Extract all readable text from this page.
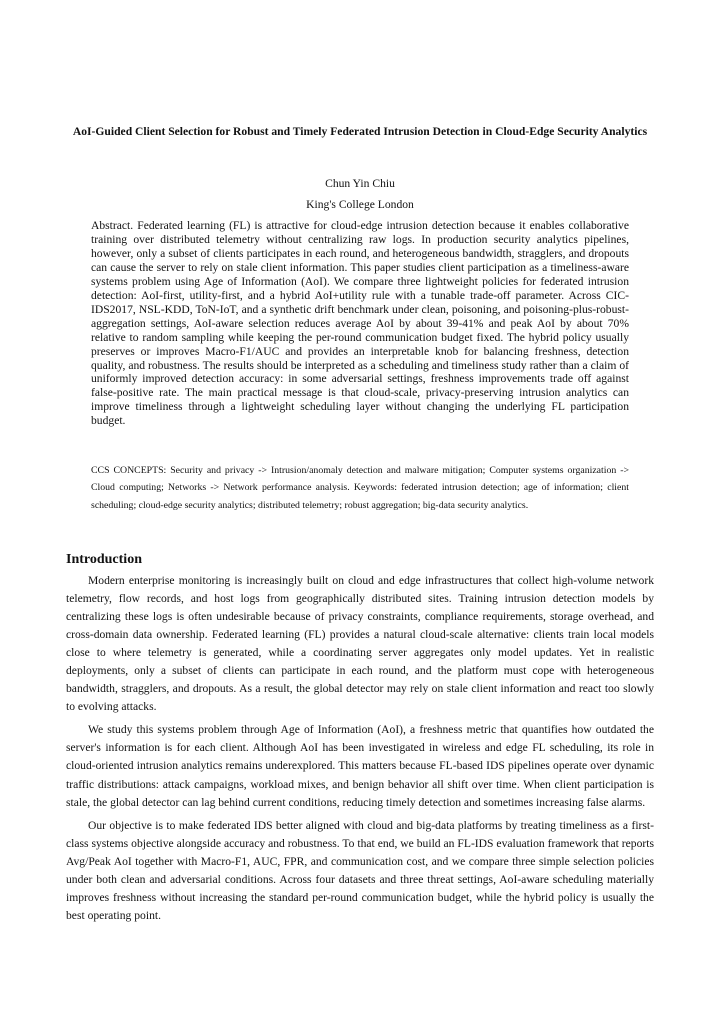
AoI-Guided Client Selection for Robust and Timely Federated Intrusion Detection in Cloud-Edge Security Analytics
Chun Yin Chiu
King's College London

Abstract. Federated learning (FL) is attractive for cloud-edge intrusion detection because it enables collaborative training over distributed telemetry without centralizing raw logs. In production security analytics pipelines, however, only a subset of clients participates in each round, and heterogeneous bandwidth, stragglers, and dropouts can cause the server to rely on stale client information. This paper studies client participation as a timeliness-aware systems problem using Age of Information (AoI). We compare three lightweight policies for federated intrusion detection: AoI-first, utility-first, and a hybrid AoI+utility rule with a tunable trade-off parameter. Across CIC-IDS2017, NSL-KDD, ToN-IoT, and a synthetic drift benchmark under clean, poisoning, and poisoning-plus-robust-aggregation settings, AoI-aware selection reduces average AoI by about 39-41% and peak AoI by about 70% relative to random sampling while keeping the per-round communication budget fixed. The hybrid policy usually preserves or improves Macro-F1/AUC and provides an interpretable knob for balancing freshness, detection quality, and robustness. The results should be interpreted as a scheduling and timeliness study rather than a claim of uniformly improved detection accuracy: in some adversarial settings, freshness improvements trade off against false-positive rate. The main practical message is that cloud-scale, privacy-preserving intrusion analytics can improve timeliness through a lightweight scheduling layer without changing the underlying FL participation budget.

CCS CONCEPTS: Security and privacy -> Intrusion/anomaly detection and malware mitigation; Computer systems organization -> Cloud computing; Networks -> Network performance analysis. Keywords: federated intrusion detection; age of information; client scheduling; cloud-edge security analytics; distributed telemetry; robust aggregation; big-data security analytics.

Introduction

Modern enterprise monitoring is increasingly built on cloud and edge infrastructures that collect high-volume network telemetry, flow records, and host logs from geographically distributed sites. Training intrusion detection models by centralizing these logs is often undesirable because of privacy constraints, compliance requirements, storage overhead, and cross-domain data ownership. Federated learning (FL) provides a natural cloud-scale alternative: clients train local models close to where telemetry is generated, while a coordinating server aggregates only model updates. Yet in realistic deployments, only a subset of clients can participate in each round, and the platform must cope with heterogeneous bandwidth, stragglers, and dropouts. As a result, the global detector may rely on stale client information and react too slowly to evolving attacks.

We study this systems problem through Age of Information (AoI), a freshness metric that quantifies how outdated the server's information is for each client. Although AoI has been investigated in wireless and edge FL scheduling, its role in cloud-oriented intrusion analytics remains underexplored. This matters because FL-based IDS pipelines operate over dynamic traffic distributions: attack campaigns, workload mixes, and benign behavior all shift over time. When client participation is stale, the global detector can lag behind current conditions, reducing timely detection and sometimes increasing false alarms.

Our objective is to make federated IDS better aligned with cloud and big-data platforms by treating timeliness as a first-class systems objective alongside accuracy and robustness. To that end, we build an FL-IDS evaluation framework that reports Avg/Peak AoI together with Macro-F1, AUC, FPR, and communication cost, and we compare three simple selection policies under both clean and adversarial conditions. Across four datasets and three threat settings, AoI-aware scheduling materially improves freshness without increasing the standard per-round communication budget, while the hybrid policy is usually the best operating point.
